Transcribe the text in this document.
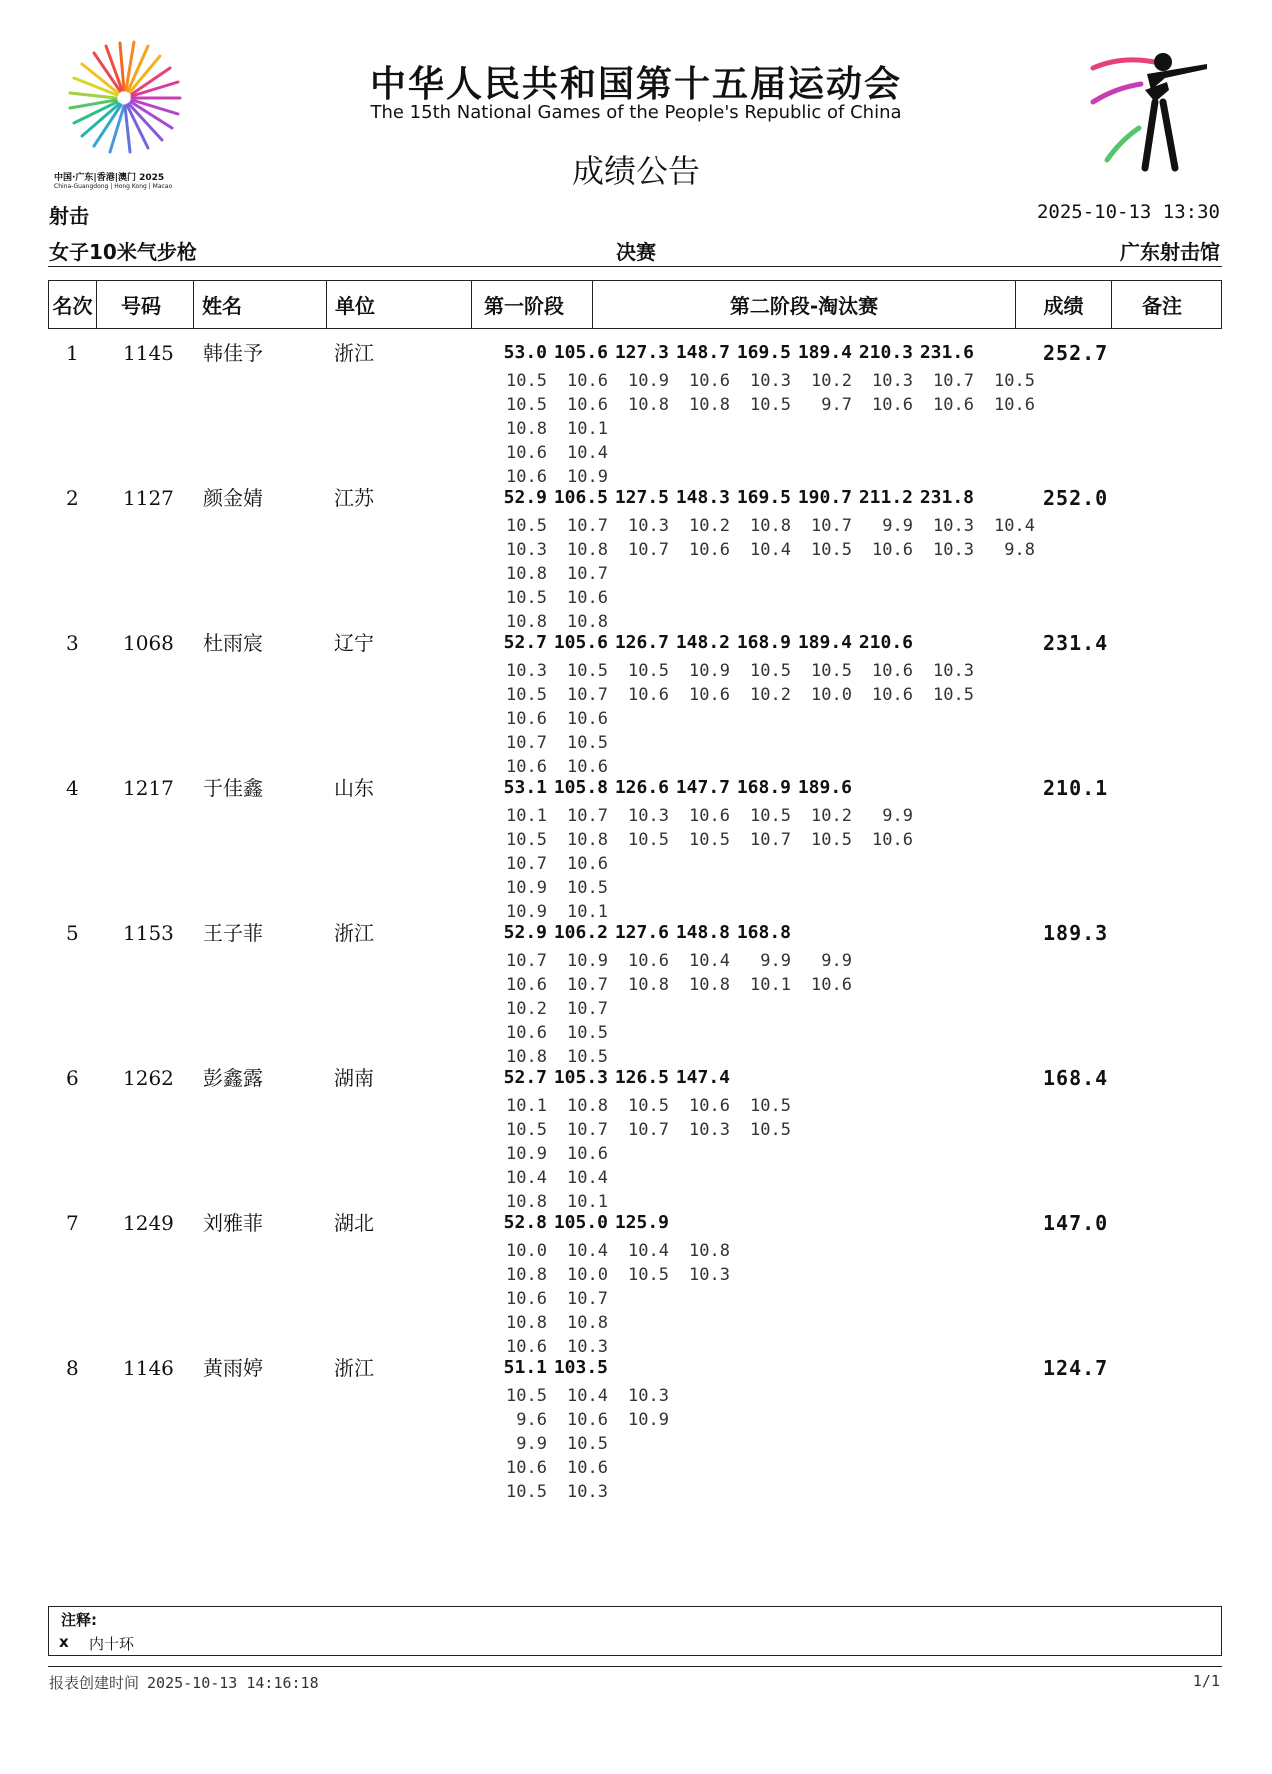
中国·广东|香港|澳门 2025
China-Guangdong | Hong Kong | Macao
中华人民共和国第十五届运动会
The 15th National Games of the People's Republic of China
成绩公告
射击	2025-10-13 13:30
女子10米气步枪	决赛	广东射击馆
名次	号码	姓名	单位	第一阶段	第二阶段-淘汰赛	成绩	备注
1 1145 韩佳予	浙江	252.7
53.0 105.6 127.3 148.7 169.5 189.4 210.3 231.6
10.5 10.6 10.9 10.6 10.3 10.2 10.3 10.7 10.5
10.5 10.6 10.8 10.8 10.5 9.7 10.6 10.6 10.6
10.8 10.1
10.6 10.4
10.6 10.9
2 1127 颜金婧	江苏	252.0
52.9 106.5 127.5 148.3 169.5 190.7 211.2 231.8
10.5 10.7 10.3 10.2 10.8 10.7 9.9 10.3 10.4
10.3 10.8 10.7 10.6 10.4 10.5 10.6 10.3 9.8
10.8 10.7
10.5 10.6
10.8 10.8
3 1068 杜雨宸	辽宁	231.4
52.7 105.6 126.7 148.2 168.9 189.4 210.6
10.3 10.5 10.5 10.9 10.5 10.5 10.6 10.3
10.5 10.7 10.6 10.6 10.2 10.0 10.6 10.5
10.6 10.6
10.7 10.5
10.6 10.6
4 1217 于佳鑫	山东	210.1
53.1 105.8 126.6 147.7 168.9 189.6
10.1 10.7 10.3 10.6 10.5 10.2 9.9
10.5 10.8 10.5 10.5 10.7 10.5 10.6
10.7 10.6
10.9 10.5
10.9 10.1
5 1153 王子菲	浙江	189.3
52.9 106.2 127.6 148.8 168.8
10.7 10.9 10.6 10.4 9.9 9.9
10.6 10.7 10.8 10.8 10.1 10.6
10.2 10.7
10.6 10.5
10.8 10.5
6 1262 彭鑫露	湖南	168.4
52.7 105.3 126.5 147.4
10.1 10.8 10.5 10.6 10.5
10.5 10.7 10.7 10.3 10.5
10.9 10.6
10.4 10.4
10.8 10.1
7 1249 刘雅菲	湖北	147.0
52.8 105.0 125.9
10.0 10.4 10.4 10.8
10.8 10.0 10.5 10.3
10.6 10.7
10.8 10.8
10.6 10.3
8 1146 黄雨婷	浙江	124.7
51.1 103.5
10.5 10.4 10.3
9.6 10.6 10.9
9.9 10.5
10.6 10.6
10.5 10.3
注释:
x 内十环
报表创建时间 2025-10-13 14:16:18	1/1
